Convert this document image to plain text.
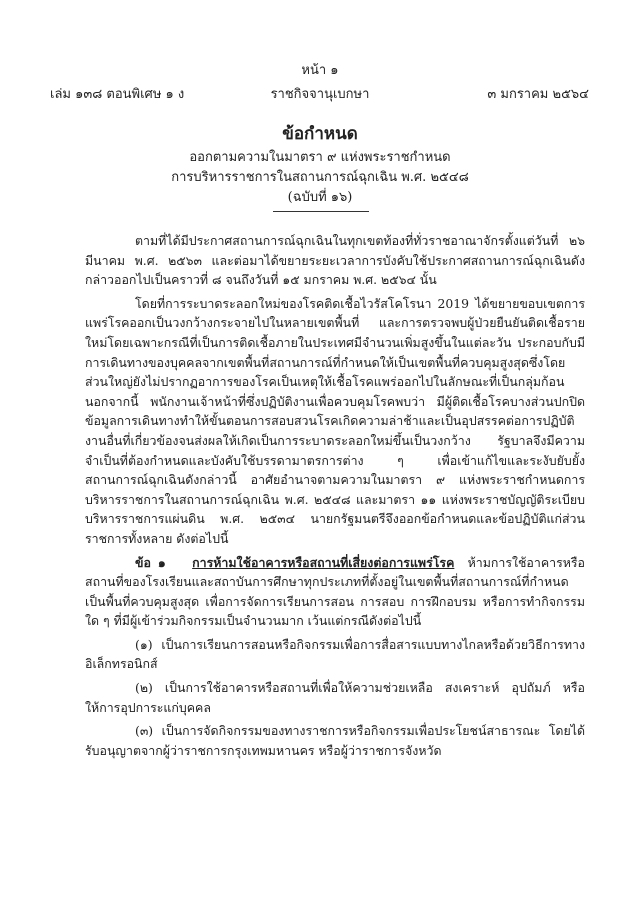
หน้า ๑
เล่ม ๑๓๘ ตอนพิเศษ ๑ ง	ราชกิจจานุเบกษา	๓ มกราคม ๒๕๖๔
ข้อกำหนด
ออกตามความในมาตรา ๙ แห่งพระราชกำหนด
การบริหารราชการในสถานการณ์ฉุกเฉิน พ.ศ. ๒๕๔๘
(ฉบับที่ ๑๖)

ตามที่ได้มีประกาศสถานการณ์ฉุกเฉินในทุกเขตท้องที่ทั่วราชอาณาจักรตั้งแต่วันที่ ๒๖ มีนาคม พ.ศ. ๒๕๖๓ และต่อมาได้ขยายระยะเวลาการบังคับใช้ประกาศสถานการณ์ฉุกเฉินดังกล่าวออกไปเป็นคราวที่ ๘ จนถึงวันที่ ๑๕ มกราคม พ.ศ. ๒๕๖๔ นั้น

โดยที่การระบาดระลอกใหม่ของโรคติดเชื้อไวรัสโคโรนา 2019 ได้ขยายขอบเขตการแพร่โรคออกเป็นวงกว้างกระจายไปในหลายเขตพื้นที่ และการตรวจพบผู้ป่วยยืนยันติดเชื้อรายใหม่โดยเฉพาะกรณีที่เป็นการติดเชื้อภายในประเทศมีจำนวนเพิ่มสูงขึ้นในแต่ละวัน ประกอบกับมีการเดินทางของบุคคลจากเขตพื้นที่สถานการณ์ที่กำหนดให้เป็นเขตพื้นที่ควบคุมสูงสุดซึ่งโดยส่วนใหญ่ยังไม่ปรากฏอาการของโรคเป็นเหตุให้เชื้อโรคแพร่ออกไปในลักษณะที่เป็นกลุ่มก้อน นอกจากนี้ พนักงานเจ้าหน้าที่ซึ่งปฏิบัติงานเพื่อควบคุมโรคพบว่า มีผู้ติดเชื้อโรคบางส่วนปกปิดข้อมูลการเดินทางทำให้ขั้นตอนการสอบสวนโรคเกิดความล่าช้าและเป็นอุปสรรคต่อการปฏิบัติงานอื่นที่เกี่ยวข้องจนส่งผลให้เกิดเป็นการระบาดระลอกใหม่ขึ้นเป็นวงกว้าง รัฐบาลจึงมีความจำเป็นที่ต้องกำหนดและบังคับใช้บรรดามาตรการต่าง ๆ เพื่อเข้าแก้ไขและระงับยับยั้งสถานการณ์ฉุกเฉินดังกล่าวนี้ อาศัยอำนาจตามความในมาตรา ๙ แห่งพระราชกำหนดการบริหารราชการในสถานการณ์ฉุกเฉิน พ.ศ. ๒๕๔๘ และมาตรา ๑๑ แห่งพระราชบัญญัติระเบียบบริหารราชการแผ่นดิน พ.ศ. ๒๕๓๔ นายกรัฐมนตรีจึงออกข้อกำหนดและข้อปฏิบัติแก่ส่วนราชการทั้งหลาย ดังต่อไปนี้

ข้อ ๑ การห้ามใช้อาคารหรือสถานที่เสี่ยงต่อการแพร่โรค ห้ามการใช้อาคารหรือสถานที่ของโรงเรียนและสถาบันการศึกษาทุกประเภทที่ตั้งอยู่ในเขตพื้นที่สถานการณ์ที่กำหนดเป็นพื้นที่ควบคุมสูงสุด เพื่อการจัดการเรียนการสอน การสอบ การฝึกอบรม หรือการทำกิจกรรมใด ๆ ที่มีผู้เข้าร่วมกิจกรรมเป็นจำนวนมาก เว้นแต่กรณีดังต่อไปนี้

(๑) เป็นการเรียนการสอนหรือกิจกรรมเพื่อการสื่อสารแบบทางไกลหรือด้วยวิธีการทางอิเล็กทรอนิกส์

(๒) เป็นการใช้อาคารหรือสถานที่เพื่อให้ความช่วยเหลือ สงเคราะห์ อุปถัมภ์ หรือให้การอุปการะแก่บุคคล

(๓) เป็นการจัดกิจกรรมของทางราชการหรือกิจกรรมเพื่อประโยชน์สาธารณะ โดยได้รับอนุญาตจากผู้ว่าราชการกรุงเทพมหานคร หรือผู้ว่าราชการจังหวัด
